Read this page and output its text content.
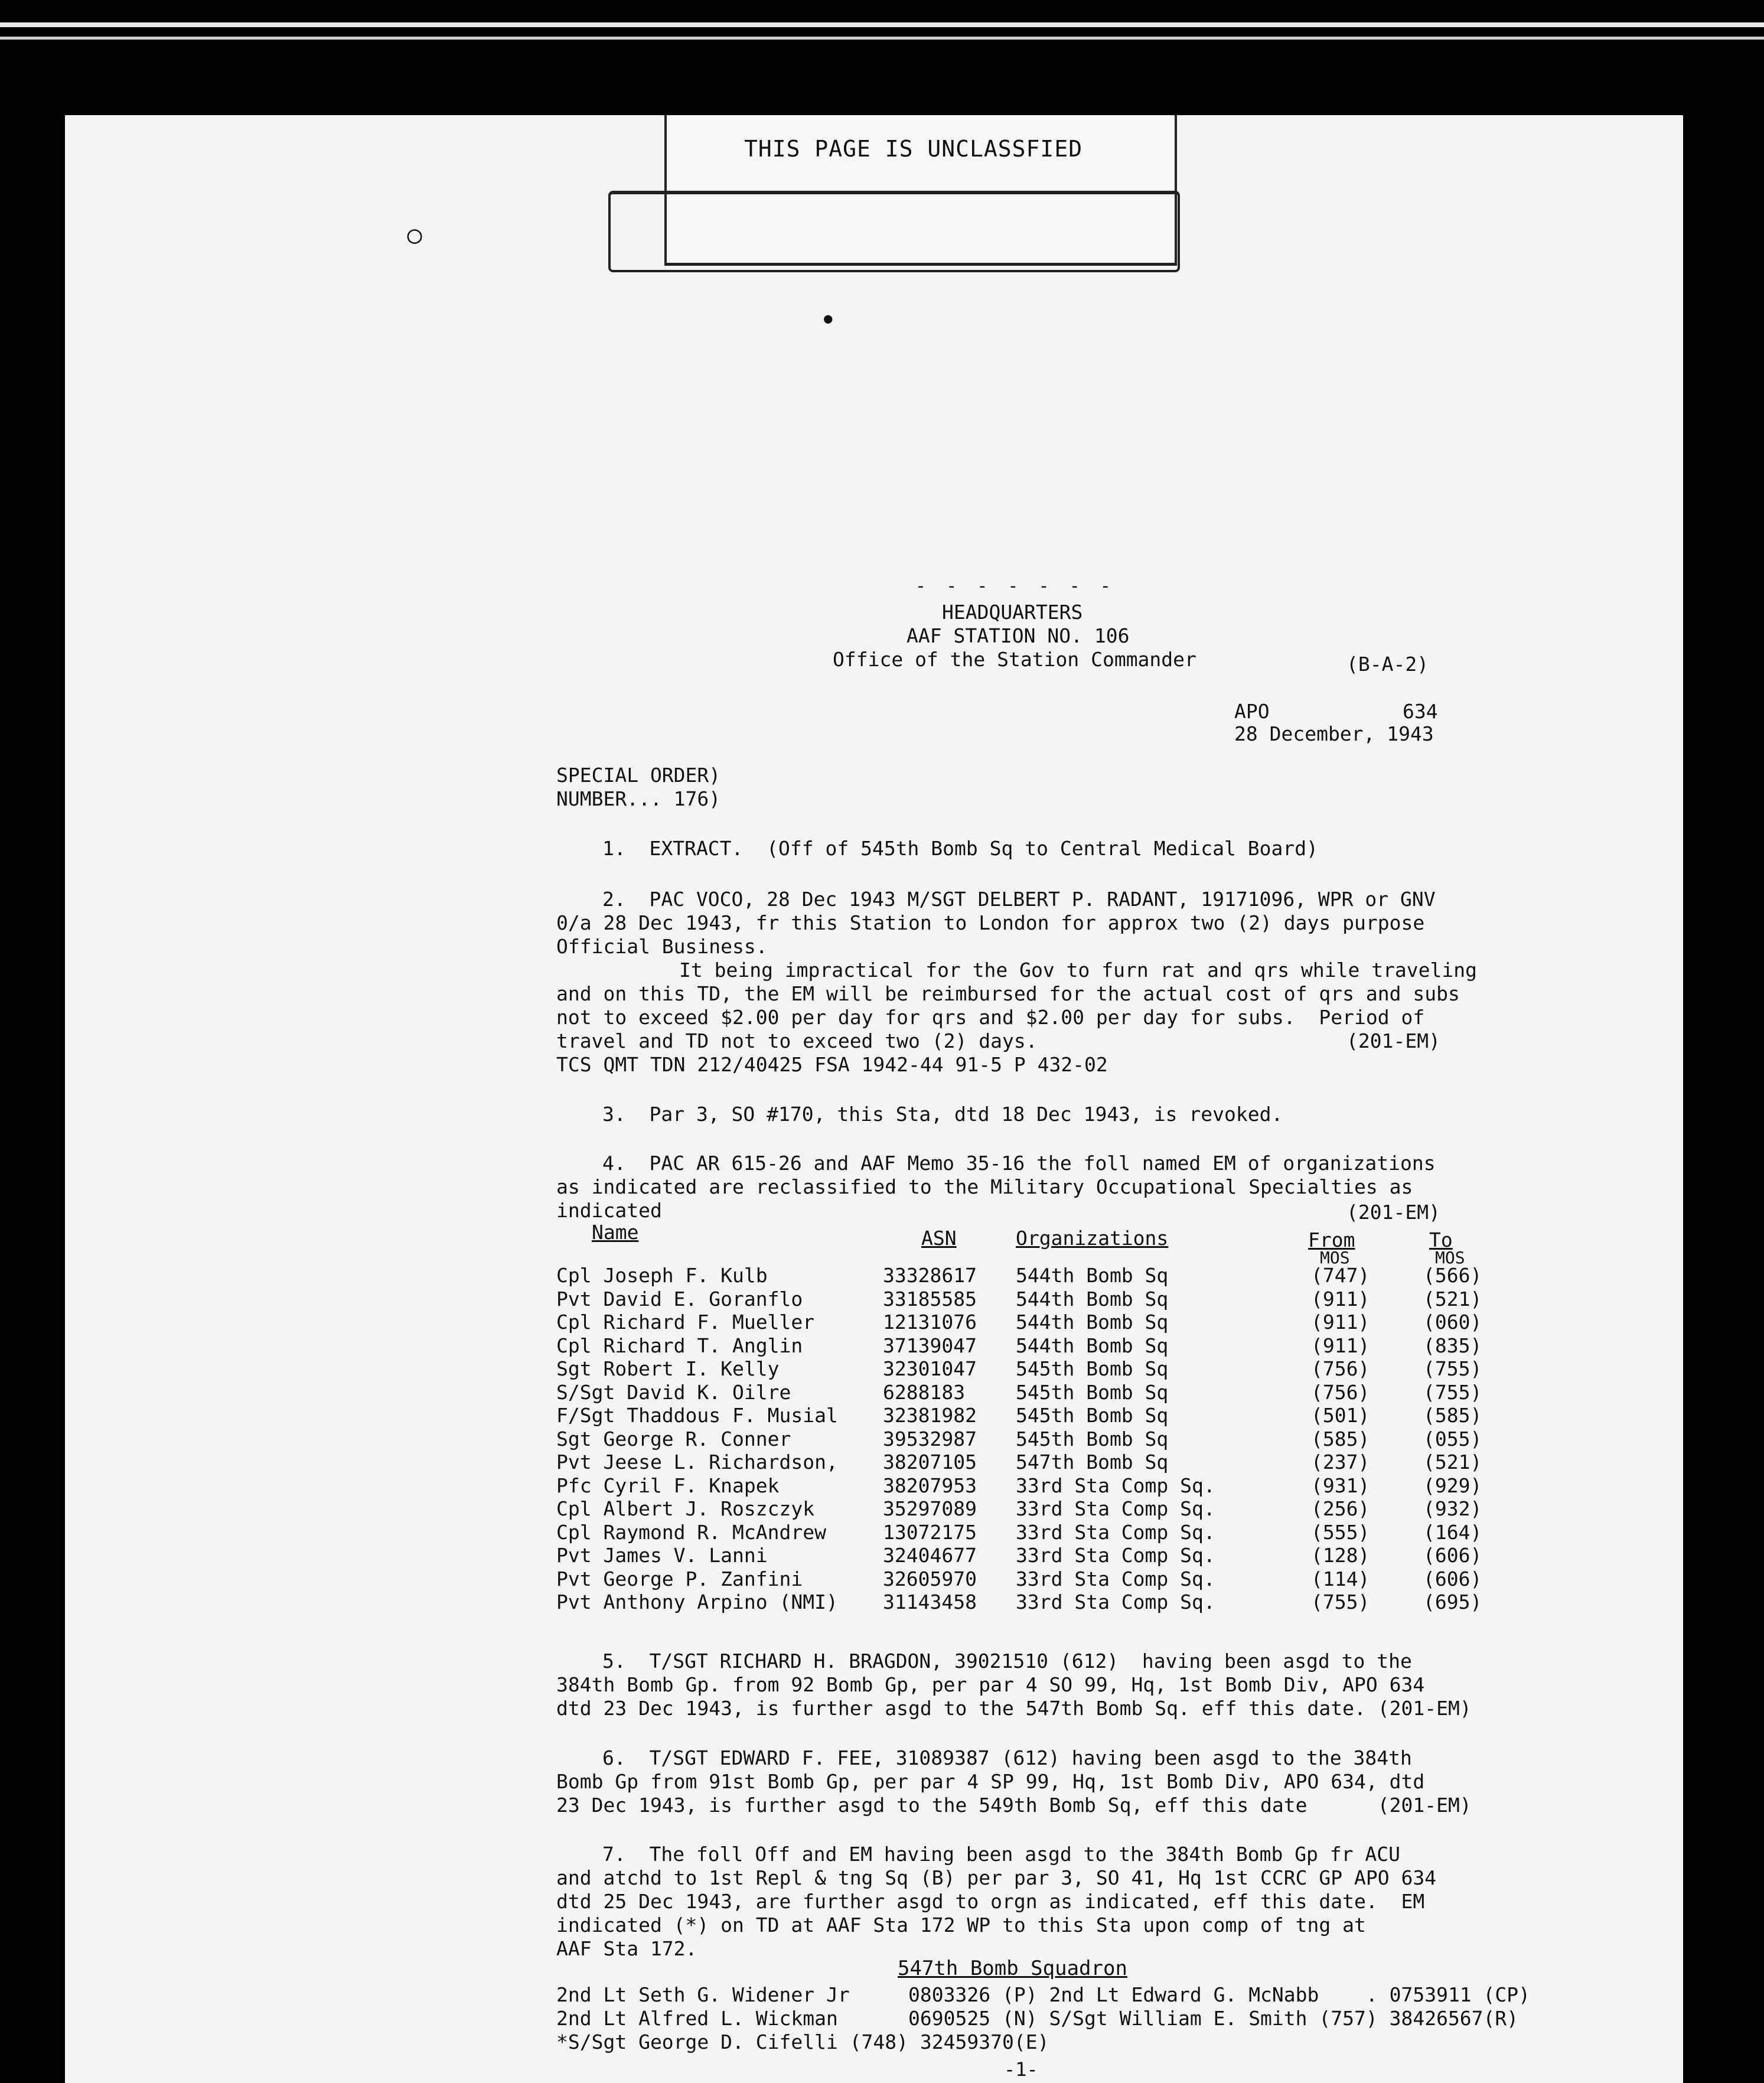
THIS PAGE IS UNCLASSFIED
- - - - - - -
HEADQUARTERS
AAF STATION NO. 106
Office of the Station Commander	(B-A-2)
APO	634
28 December, 1943
SPECIAL ORDER)
NUMBER... 176)
1.  EXTRACT.  (Off of 545th Bomb Sq to Central Medical Board)
2.  PAC VOCO, 28 Dec 1943 M/SGT DELBERT P. RADANT, 19171096, WPR or GNV
0/a 28 Dec 1943, fr this Station to London for approx two (2) days purpose
Official Business.
It being impractical for the Gov to furn rat and qrs while traveling
and on this TD, the EM will be reimbursed for the actual cost of qrs and subs
not to exceed $2.00 per day for qrs and $2.00 per day for subs.  Period of
travel and TD not to exceed two (2) days.	(201-EM)
TCS QMT TDN 212/40425 FSA 1942-44 91-5 P 432-02
3.  Par 3, SO #170, this Sta, dtd 18 Dec 1943, is revoked.
4.  PAC AR 615-26 and AAF Memo 35-16 the foll named EM of organizations
as indicated are reclassified to the Military Occupational Specialties as
indicated	(201-EM)
Name	ASN	Organizations	From	To
MOS	MOS
Cpl Joseph F. Kulb	33328617 544th Bomb Sq	(747)	(566)
Pvt David E. Goranflo	33185585 544th Bomb Sq	(911)	(521)
Cpl Richard F. Mueller	12131076 544th Bomb Sq	(911)	(060)
Cpl Richard T. Anglin	37139047 544th Bomb Sq	(911)	(835)
Sgt Robert I. Kelly	32301047 545th Bomb Sq	(756)	(755)
S/Sgt David K. Oilre	6288183	545th Bomb Sq	(756)	(755)
F/Sgt Thaddous F. Musial 32381982 545th Bomb Sq	(501)	(585)
Sgt George R. Conner	39532987 545th Bomb Sq	(585)	(055)
Pvt Jeese L. Richardson, 38207105 547th Bomb Sq	(237)	(521)
Pfc Cyril F. Knapek	38207953 33rd Sta Comp Sq.	(931)	(929)
Cpl Albert J. Roszczyk	35297089 33rd Sta Comp Sq.	(256)	(932)
Cpl Raymond R. McAndrew	13072175 33rd Sta Comp Sq.	(555)	(164)
Pvt James V. Lanni	32404677 33rd Sta Comp Sq.	(128)	(606)
Pvt George P. Zanfini	32605970 33rd Sta Comp Sq.	(114)	(606)
Pvt Anthony Arpino (NMI) 31143458 33rd Sta Comp Sq.	(755)	(695)
5.  T/SGT RICHARD H. BRAGDON, 39021510 (612)  having been asgd to the
384th Bomb Gp. from 92 Bomb Gp, per par 4 SO 99, Hq, 1st Bomb Div, APO 634
dtd 23 Dec 1943, is further asgd to the 547th Bomb Sq. eff this date. (201-EM)
6.  T/SGT EDWARD F. FEE, 31089387 (612) having been asgd to the 384th
Bomb Gp from 91st Bomb Gp, per par 4 SP 99, Hq, 1st Bomb Div, APO 634, dtd
23 Dec 1943, is further asgd to the 549th Bomb Sq, eff this date      (201-EM)
7.  The foll Off and EM having been asgd to the 384th Bomb Gp fr ACU
and atchd to 1st Repl & tng Sq (B) per par 3, SO 41, Hq 1st CCRC GP APO 634
dtd 25 Dec 1943, are further asgd to orgn as indicated, eff this date.  EM
indicated (*) on TD at AAF Sta 172 WP to this Sta upon comp of tng at
AAF Sta 172.
547th Bomb Squadron
2nd Lt Seth G. Widener Jr     0803326 (P) 2nd Lt Edward G. McNabb    . 0753911 (CP)
2nd Lt Alfred L. Wickman      0690525 (N) S/Sgt William E. Smith (757) 38426567(R)
*S/Sgt George D. Cifelli (748) 32459370(E)
-1-
◯
●
